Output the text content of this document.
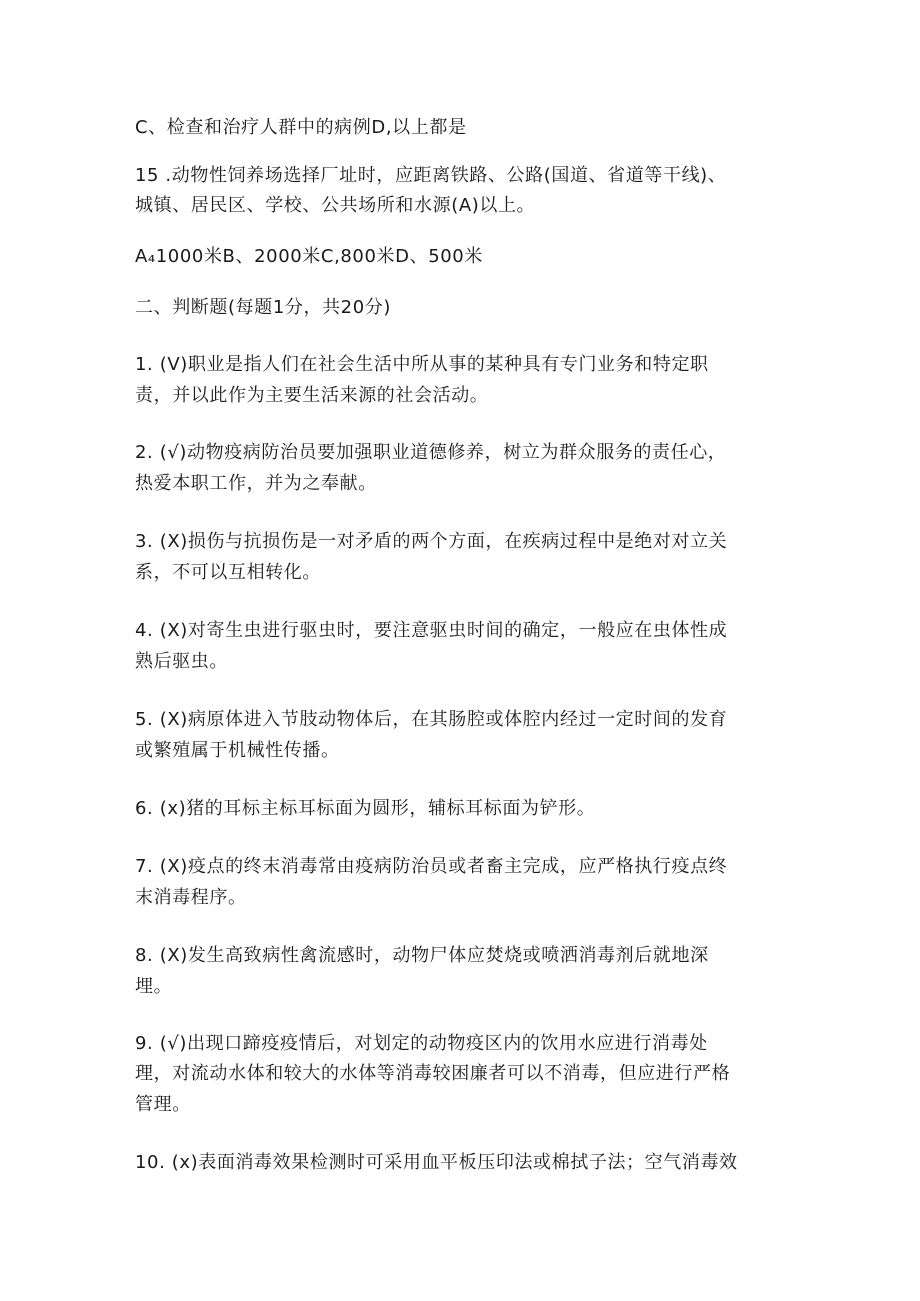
C、检查和治疗人群中的病例D,以上都是
15 .动物性饲养场选择厂址时，应距离铁路、公路(国道、省道等干线)、
城镇、居民区、学校、公共场所和水源(A)以上。
A₄1000米B、2000米C,800米D、500米
二、判断题(每题1分，共20分)
1. (V)职业是指人们在社会生活中所从事的某种具有专门业务和特定职
责，并以此作为主要生活来源的社会活动。
2. (√)动物疫病防治员要加强职业道德修养，树立为群众服务的责任心，
热爱本职工作，并为之奉献。
3. (X)损伤与抗损伤是一对矛盾的两个方面，在疾病过程中是绝对对立关
系，不可以互相转化。
4. (X)对寄生虫进行驱虫时，要注意驱虫时间的确定，一般应在虫体性成
熟后驱虫。
5. (X)病原体进入节肢动物体后，在其肠腔或体腔内经过一定时间的发育
或繁殖属于机械性传播。
6. (x)猪的耳标主标耳标面为圆形，辅标耳标面为铲形。
7. (X)疫点的终末消毒常由疫病防治员或者畜主完成，应严格执行疫点终
末消毒程序。
8. (X)发生高致病性禽流感时，动物尸体应焚烧或喷洒消毒剂后就地深
埋。
9. (√)出现口蹄疫疫情后，对划定的动物疫区内的饮用水应进行消毒处
理，对流动水体和较大的水体等消毒较困廉者可以不消毒，但应进行严格
管理。
10. (x)表面消毒效果检测时可采用血平板压印法或棉拭子法；空气消毒效
